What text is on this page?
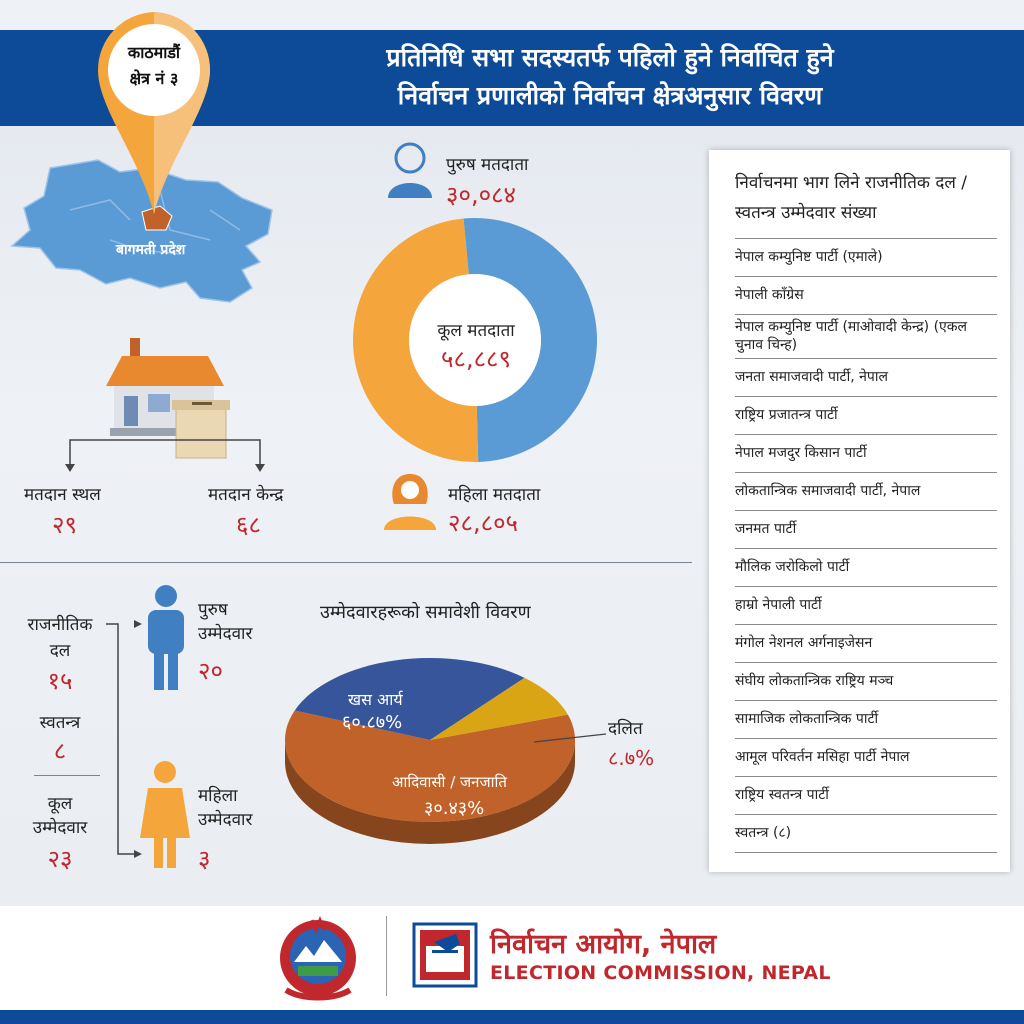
प्रतिनिधि सभा सदस्यतर्फ पहिलो हुने निर्वाचित हुने
निर्वाचन प्रणालीको निर्वाचन क्षेत्रअनुसार विवरण
बागमती प्रदेश
काठमाडौं
क्षेत्र नं ३
मतदान स्थल
२९
मतदान केन्द्र
६८
पुरुष मतदाता
३०,०८४
कूल मतदाता
५८,८८९
महिला मतदाता
२८,८०५
राजनीतिक दल
१५
स्वतन्त्र
८
कूल उम्मेदवार
२३
पुरुष उम्मेदवार
२०
महिला उम्मेदवार
३
उम्मेदवारहरूको समावेशी विवरण
खस आर्य
६०.८७%
आदिवासी / जनजाति
३०.४३%
दलित
८.७%
निर्वाचनमा भाग लिने राजनीतिक दल / स्वतन्त्र उम्मेदवार संख्या
नेपाल कम्युनिष्ट पार्टी (एमाले)
नेपाली काँग्रेस
नेपाल कम्युनिष्ट पार्टी (माओवादी केन्द्र) (एकल चुनाव चिन्ह)
जनता समाजवादी पार्टी, नेपाल
राष्ट्रिय प्रजातन्त्र पार्टी
नेपाल मजदुर किसान पार्टी
लोकतान्त्रिक समाजवादी पार्टी, नेपाल
जनमत पार्टी
मौलिक जरोकिलो पार्टी
हाम्रो नेपाली पार्टी
मंगोल नेशनल अर्गनाइजेसन
संघीय लोकतान्त्रिक राष्ट्रिय मञ्च
सामाजिक लोकतान्त्रिक पार्टी
आमूल परिवर्तन मसिहा पार्टी नेपाल
राष्ट्रिय स्वतन्त्र पार्टी
स्वतन्त्र (८)
निर्वाचन आयोग, नेपाल
ELECTION COMMISSION, NEPAL
